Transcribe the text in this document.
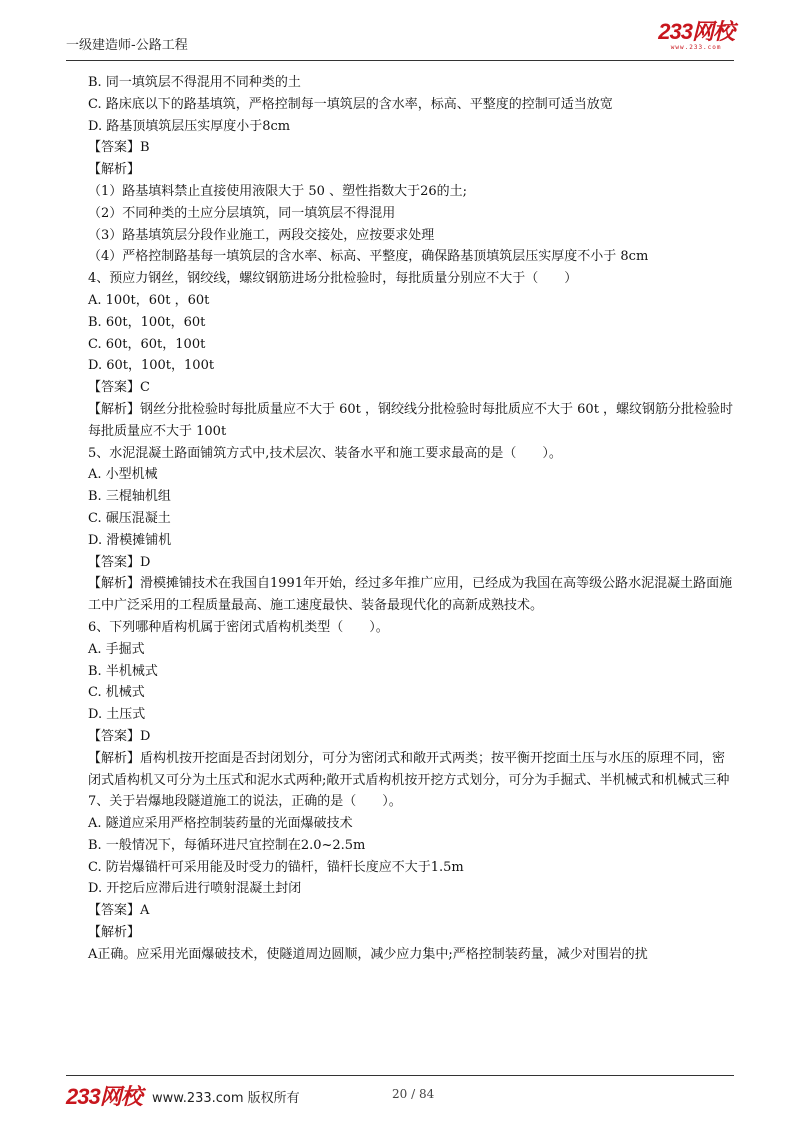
一级建造师-公路工程
233网校
www.233.com
B. 同一填筑层不得混用不同种类的土
C. 路床底以下的路基填筑，严格控制每一填筑层的含水率，标高、平整度的控制可适当放宽
D. 路基顶填筑层压实厚度小于8cm
【答案】B
【解析】
（1）路基填料禁止直接使用液限大于 50 、塑性指数大于26的土;
（2）不同种类的土应分层填筑，同一填筑层不得混用
（3）路基填筑层分段作业施工，两段交接处，应按要求处理
（4）严格控制路基每一填筑层的含水率、标高、平整度，确保路基顶填筑层压实厚度不小于 8cm
4、预应力钢丝，钢绞线，螺纹钢筋进场分批检验时，每批质量分别应不大于（　　）
A. 100t，60t ，60t
B. 60t，100t，60t
C. 60t，60t，100t
D. 60t，100t，100t
【答案】C
【解析】钢丝分批检验时每批质量应不大于 60t ，钢绞线分批检验时每批质应不大于 60t ，螺纹钢筋分批检验时每批质量应不大于 100t
5、水泥混凝土路面铺筑方式中,技术层次、装备水平和施工要求最高的是（　　）。
A. 小型机械
B. 三棍轴机组
C. 碾压混凝土
D. 滑模摊铺机
【答案】D
【解析】滑模摊铺技术在我国自1991年开始，经过多年推广应用，已经成为我国在高等级公路水泥混凝土路面施工中广泛采用的工程质量最高、施工速度最快、装备最现代化的高新成熟技术。
6、下列哪种盾构机属于密闭式盾构机类型（　　）。
A. 手掘式
B. 半机械式
C. 机械式
D. 土压式
【答案】D
【解析】盾构机按开挖面是否封闭划分，可分为密闭式和敞开式两类；按平衡开挖面土压与水压的原理不同，密闭式盾构机又可分为土压式和泥水式两种;敞开式盾构机按开挖方式划分，可分为手掘式、半机械式和机械式三种
7、关于岩爆地段隧道施工的说法，正确的是（　　）。
A. 隧道应采用严格控制装药量的光面爆破技术
B. 一般情况下，每循环进尺宜控制在2.0~2.5m
C. 防岩爆锚杆可采用能及时受力的锚杆，锚杆长度应不大于1.5m
D. 开挖后应滞后进行喷射混凝土封闭
【答案】A
【解析】
A正确。应采用光面爆破技术，使隧道周边圆顺，减少应力集中;严格控制装药量，减少对围岩的扰
233网校 www.233.com 版权所有	20 / 84
